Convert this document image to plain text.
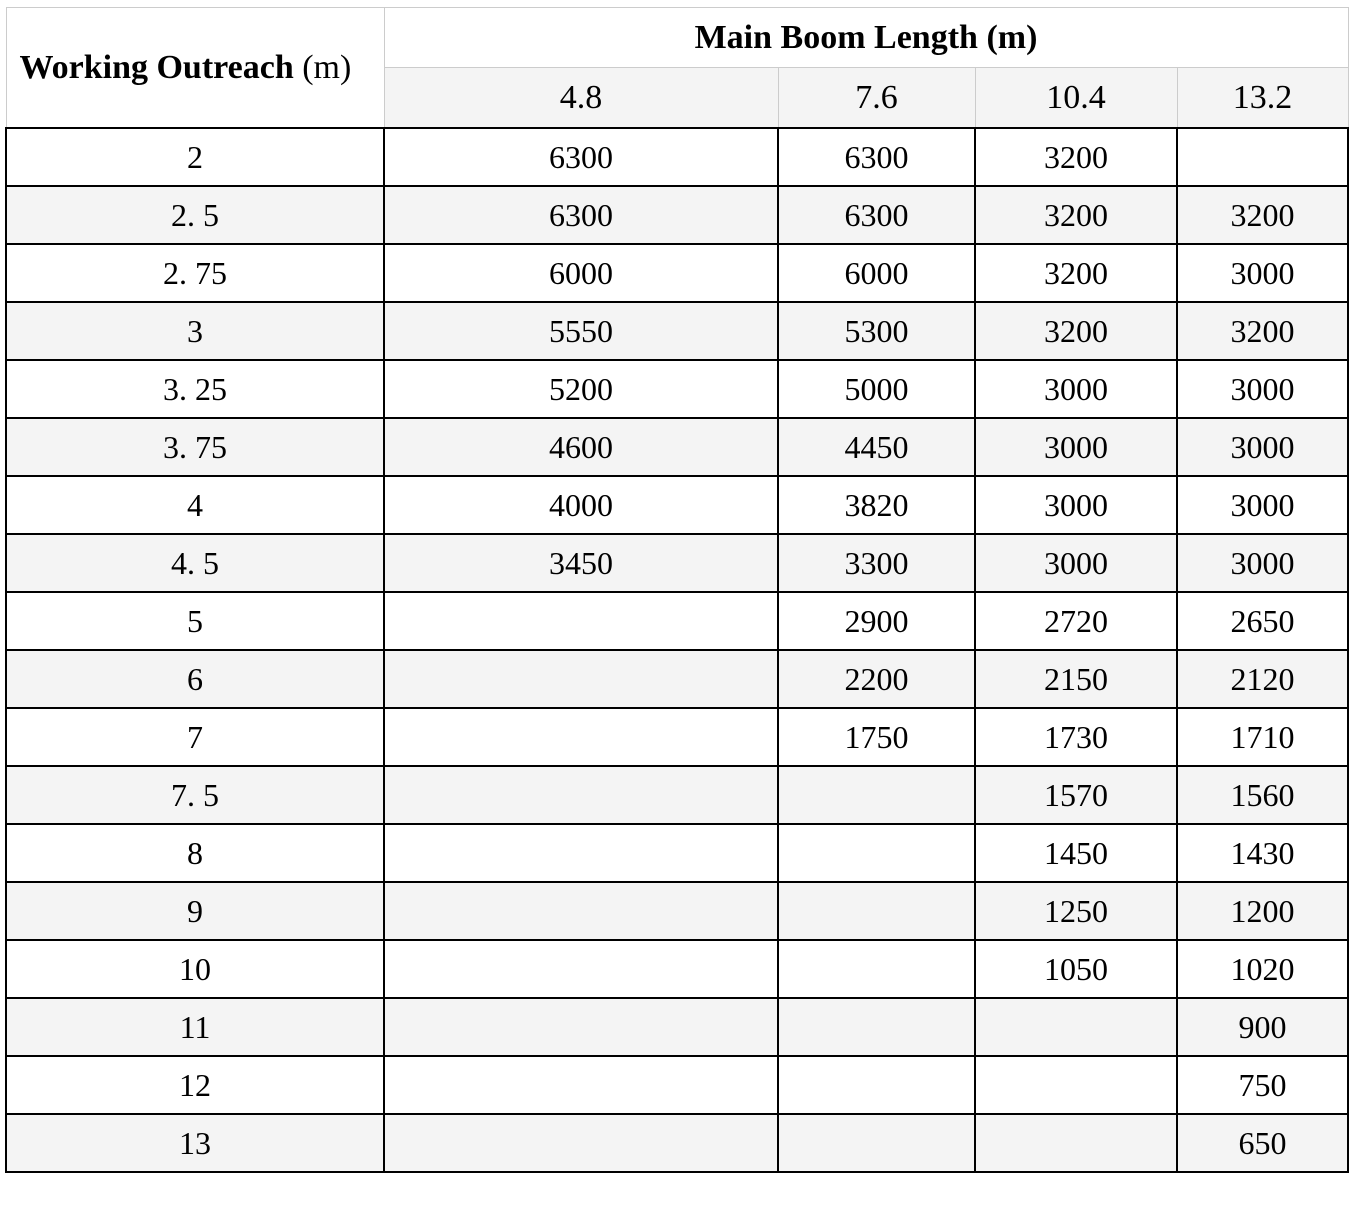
Working Outreach (m)	Main Boom Length (m)			
	4.8	7.6	10.4	13.2
2	6300	6300	3200	
2. 5	6300	6300	3200	3200
2. 75	6000	6000	3200	3000
3	5550	5300	3200	3200
3. 25	5200	5000	3000	3000
3. 75	4600	4450	3000	3000
4	4000	3820	3000	3000
4. 5	3450	3300	3000	3000
5		2900	2720	2650
6		2200	2150	2120
7		1750	1730	1710
7. 5			1570	1560
8			1450	1430
9			1250	1200
10			1050	1020
11				900
12				750
13				650
